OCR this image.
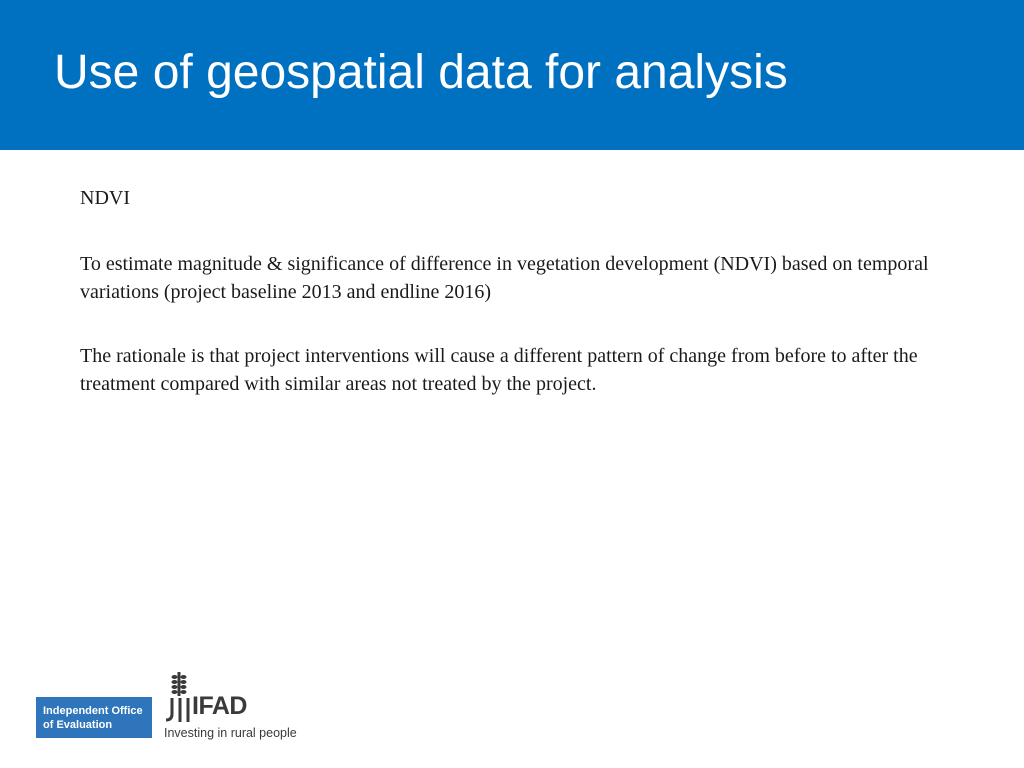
Use of geospatial data for analysis

NDVI

To estimate magnitude & significance of difference in vegetation development (NDVI) based on temporal variations (project baseline 2013 and endline 2016)

The rationale is that project interventions will cause a different pattern of change from before to after the treatment compared with similar areas not treated by the project.

Independent Office
of Evaluation
IFAD
Investing in rural people
